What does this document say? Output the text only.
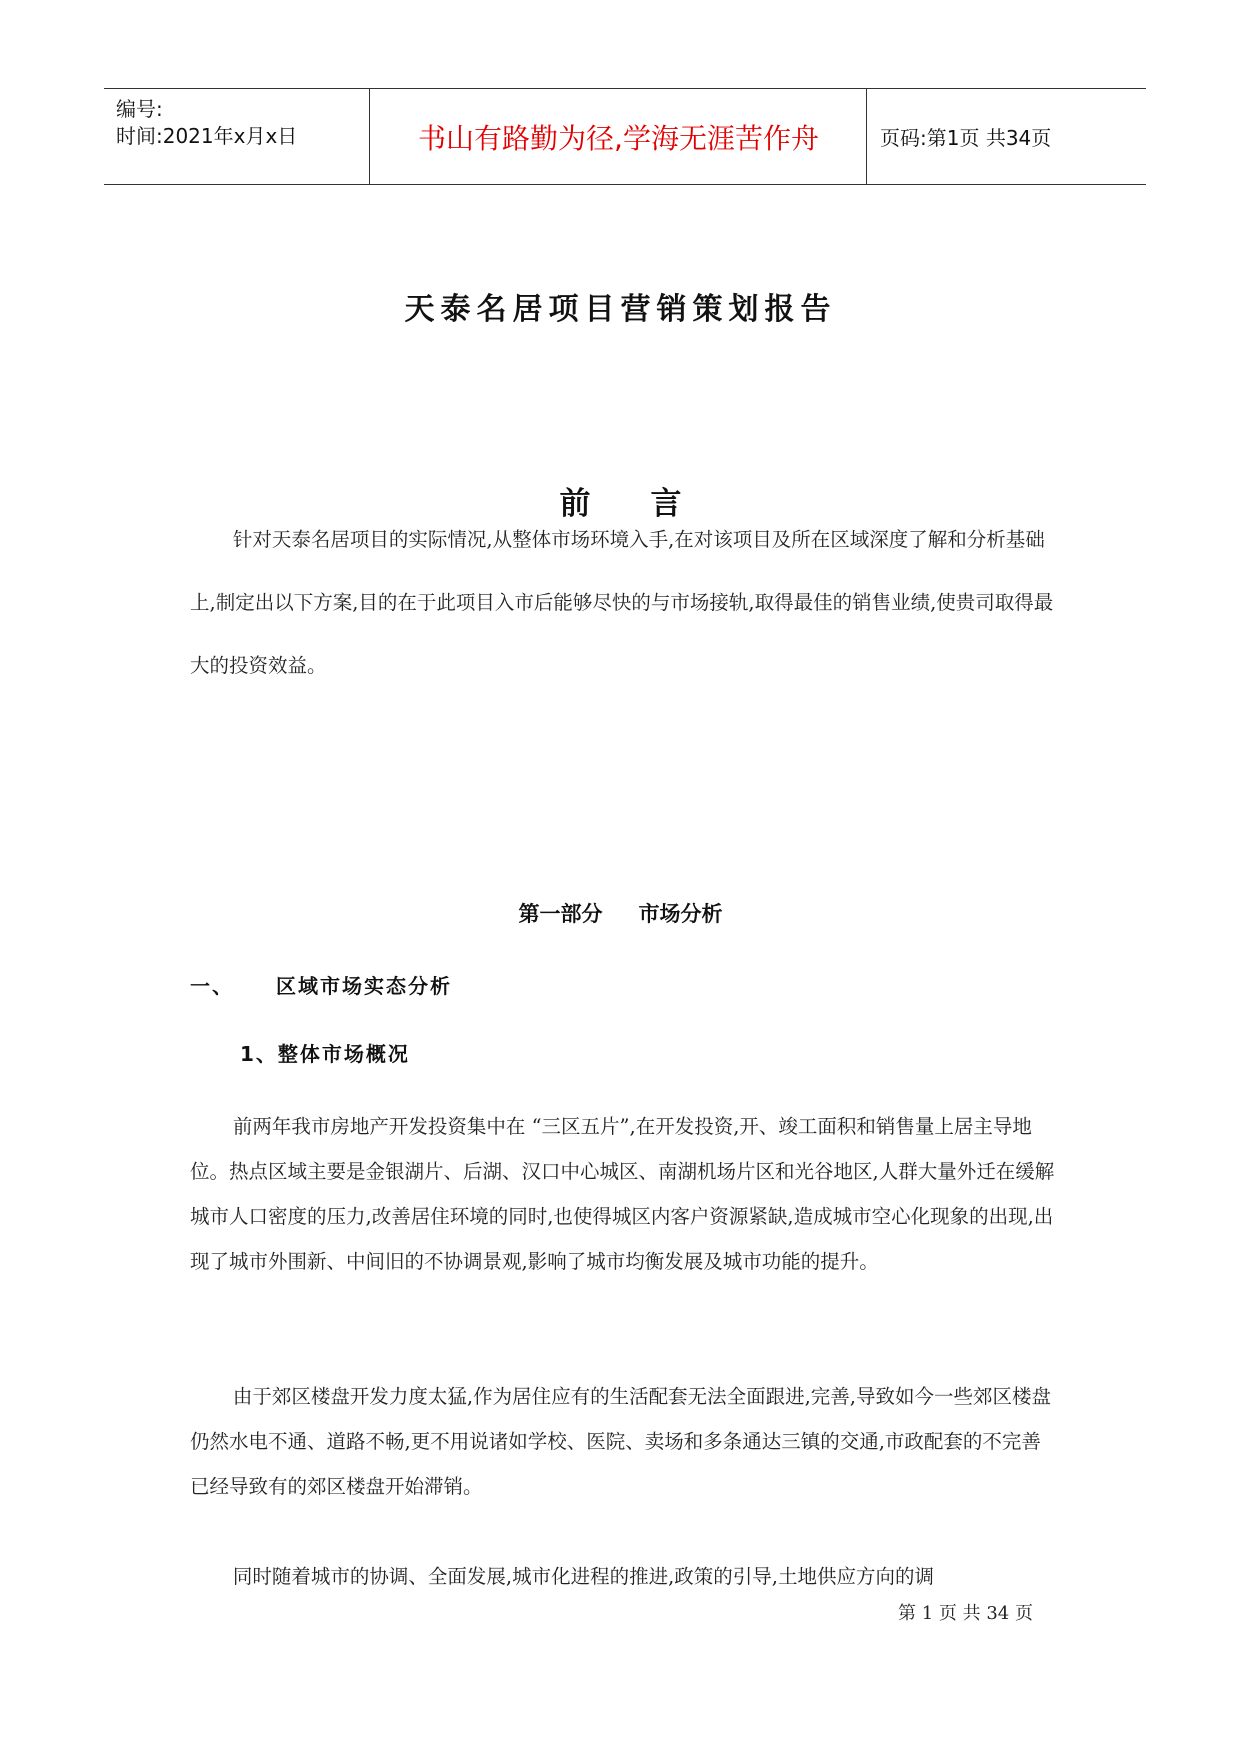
编号:
时间:2021年x月x日	书山有路勤为径,学海无涯苦作舟	页码:第1页 共34页
天泰名居项目营销策划报告
前言
针对天泰名居项目的实际情况,从整体市场环境入手,在对该项目及所在区域深度了解和分析基础上,制定出以下方案,目的在于此项目入市后能够尽快的与市场接轨,取得最佳的销售业绩,使贵司取得最大的投资效益。
第一部分 市场分析
一、 区域市场实态分析
1、整体市场概况
前两年我市房地产开发投资集中在 “三区五片”,在开发投资,开、竣工面积和销售量上居主导地位。热点区域主要是金银湖片、后湖、汉口中心城区、南湖机场片区和光谷地区,人群大量外迁在缓解城市人口密度的压力,改善居住环境的同时,也使得城区内客户资源紧缺,造成城市空心化现象的出现,出现了城市外围新、中间旧的不协调景观,影响了城市均衡发展及城市功能的提升。
由于郊区楼盘开发力度太猛,作为居住应有的生活配套无法全面跟进,完善,导致如今一些郊区楼盘仍然水电不通、道路不畅,更不用说诸如学校、医院、卖场和多条通达三镇的交通,市政配套的不完善已经导致有的郊区楼盘开始滞销。
同时随着城市的协调、全面发展,城市化进程的推进,政策的引导,土地供应方向的调
第 1 页 共 34 页
